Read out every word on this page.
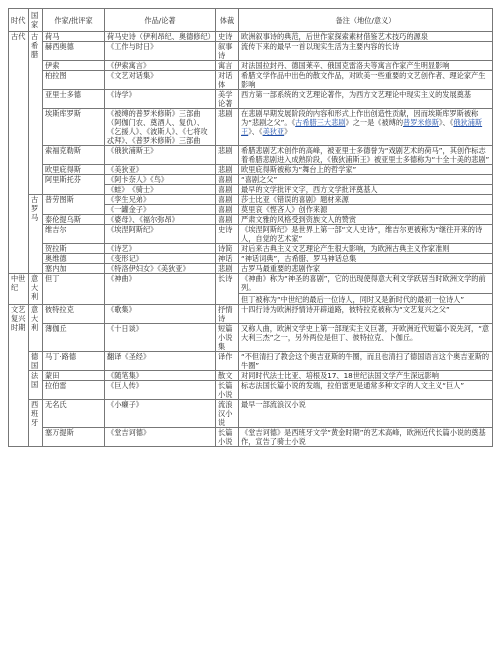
时代	国家	作家/批评家	作品/论著	体裁	备注（地位/意义）
古代	古希腊	荷马	荷马史诗（伊利昂纪、奥德修纪）	史诗	欧洲叙事诗的典范，后世作家探索素材借鉴艺术技巧的源泉
		赫西奥德	《工作与时日》	叙事诗	流传下来的最早一首以现实生活为主要内容的长诗
		伊索	《伊索寓言》	寓言	对法国拉封丹、德国莱辛、俄国克雷洛夫等寓言作家产生明显影响
		柏拉图	《文艺对话集》	对话体	希腊文学作品中出色的散文作品，对欧美一些重要的文艺创作者、理论家产生影响
		亚里士多德	《诗学》	美学论著	西方第一部系统的文艺理论著作，为西方文艺理论中现实主义的发展奠基
		埃斯库罗斯	《被缚的普罗米修斯》三部曲（阿伽门农、奠酒人、复仇）、《乞援人》、《波斯人》、《七将攻忒拜》、《普罗米修斯》三部曲	悲剧	在悲剧早期发展阶段的内容和形式上作出创造性贡献，因而埃斯库罗斯被称为“悲剧之父”。《古希腊三大悲剧》之一是《被缚的普罗米修斯》、《俄狄浦斯王》、《美狄亚》
		索福克勒斯	《俄狄浦斯王》	悲剧	希腊悲剧艺术创作的高峰，被亚里士多德誉为“戏剧艺术的荷马”，其创作标志着希腊悲剧进入成熟阶段，《俄狄浦斯王》被亚里士多德称为“十全十美的悲剧”
		欧里庇得斯	《美狄亚》	悲剧	欧里庇得斯被称为“舞台上的哲学家”
		阿里斯托芬	《阿卡奈人》《鸟》	喜剧	“喜剧之父”
			《蛙》　《骑士》	喜剧	最早的文学批评文字，西方文学批评奠基人
	古罗马	普劳图斯	《孪生兄弟》	喜剧	莎士比亚《错误的喜剧》题材来源
			《一罐金子》	喜剧	莫里哀《悭吝人》创作来源
		泰伦提乌斯	《婆母》、《福尔弥昂》	喜剧	严肃文雅的风格受到资族文人的赞赏
		维吉尔	《埃涅阿斯纪》	史诗	《埃涅阿斯纪》是世界上第一部“文人史诗”，维吉尔更被称为“继往开来的诗人，自觉的艺术家”
		贺拉斯	《诗艺》	诗简	对后来古典主义文艺理论产生很大影响，为欧洲古典主义作家准则
		奥维德	《变形记》	神话	“神话词典”，古希腊、罗马神话总集
		塞内加	《特洛伊妇女》《美狄亚》	悲剧	古罗马最重要的悲剧作家
中世纪	意大利	但丁	《神曲》	长诗	《神曲》称为“神圣的喜剧”，它的出现使得意大利文学跃居当时欧洲文学的前列。
但丁被称为“中世纪的最后一位诗人，同时又是新时代的最初一位诗人”
文艺复兴时期	意大利	彼特拉克	《歌集》	抒情诗	十四行诗为欧洲抒情诗开辟道路，彼特拉克被称为“文艺复兴之父”
		薄伽丘	《十日谈》	短篇小说集	又称人曲，欧洲文学史上第一部现实主义巨著，开欧洲近代短篇小说先河，“意大利三杰”之一，另外两位是但丁、彼特拉克、卜伽丘。
	德国	马丁·路德	翻译《圣经》	译作	“不但清扫了教会这个奥吉亚斯的牛圈，而且也清扫了德国语言这个奥吉亚斯的牛圈”
	法国	蒙田	《随笔集》	散文	对同时代法士比亚、培根及17、18世纪法国文学产生深远影响
		拉伯雷	《巨人传》	长篇小说	标志法国长篇小说的发端，拉伯雷更是通常多种文字的人文主义“巨人”
	西班牙	无名氏	《小癞子》	流浪汉小说	最早一部流浪汉小说
		塞万提斯	《堂吉诃德》	长篇小说	《堂吉诃德》是西班牙文学“黄金时期”的艺术高峰，欧洲近代长篇小说的奠基作，宣告了骑士小说
